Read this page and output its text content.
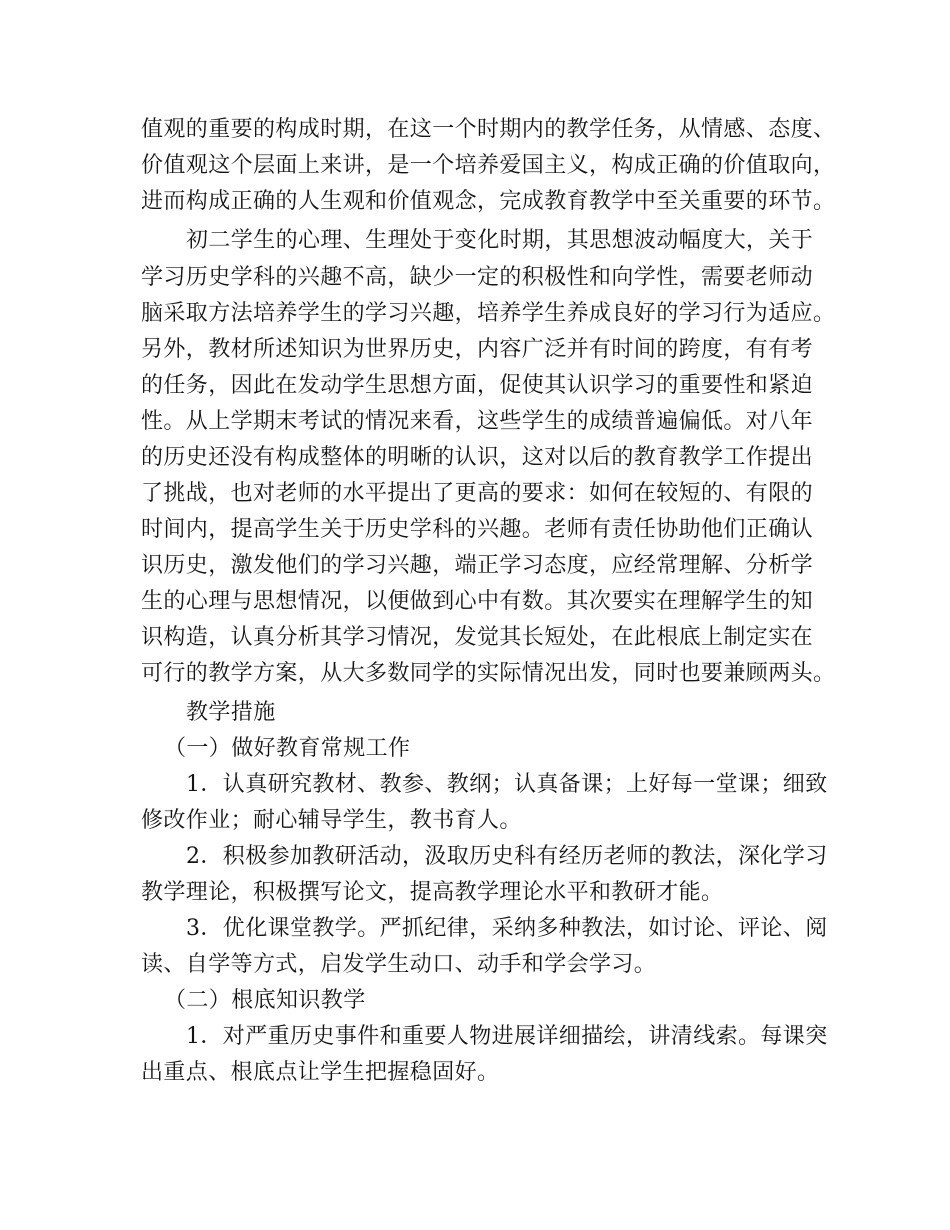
值观的重要的构成时期，在这一个时期内的教学任务，从情感、态度、
价值观这个层面上来讲，是一个培养爱国主义，构成正确的价值取向，
进而构成正确的人生观和价值观念，完成教育教学中至关重要的环节。
初二学生的心理、生理处于变化时期，其思想波动幅度大，关于
学习历史学科的兴趣不高，缺少一定的积极性和向学性，需要老师动
脑采取方法培养学生的学习兴趣，培养学生养成良好的学习行为适应。
另外，教材所述知识为世界历史，内容广泛并有时间的跨度，有有考
的任务，因此在发动学生思想方面，促使其认识学习的重要性和紧迫
性。从上学期末考试的情况来看，这些学生的成绩普遍偏低。对八年
的历史还没有构成整体的明晰的认识，这对以后的教育教学工作提出
了挑战，也对老师的水平提出了更高的要求：如何在较短的、有限的
时间内，提高学生关于历史学科的兴趣。老师有责任协助他们正确认
识历史，激发他们的学习兴趣，端正学习态度，应经常理解、分析学
生的心理与思想情况，以便做到心中有数。其次要实在理解学生的知
识构造，认真分析其学习情况，发觉其长短处，在此根底上制定实在
可行的教学方案，从大多数同学的实际情况出发，同时也要兼顾两头。
教学措施
（一）做好教育常规工作
1．认真研究教材、教参、教纲；认真备课；上好每一堂课；细致
修改作业；耐心辅导学生，教书育人。
2．积极参加教研活动，汲取历史科有经历老师的教法，深化学习
教学理论，积极撰写论文，提高教学理论水平和教研才能。
3．优化课堂教学。严抓纪律，采纳多种教法，如讨论、评论、阅
读、自学等方式，启发学生动口、动手和学会学习。
（二）根底知识教学
1．对严重历史事件和重要人物进展详细描绘，讲清线索。每课突
出重点、根底点让学生把握稳固好。
